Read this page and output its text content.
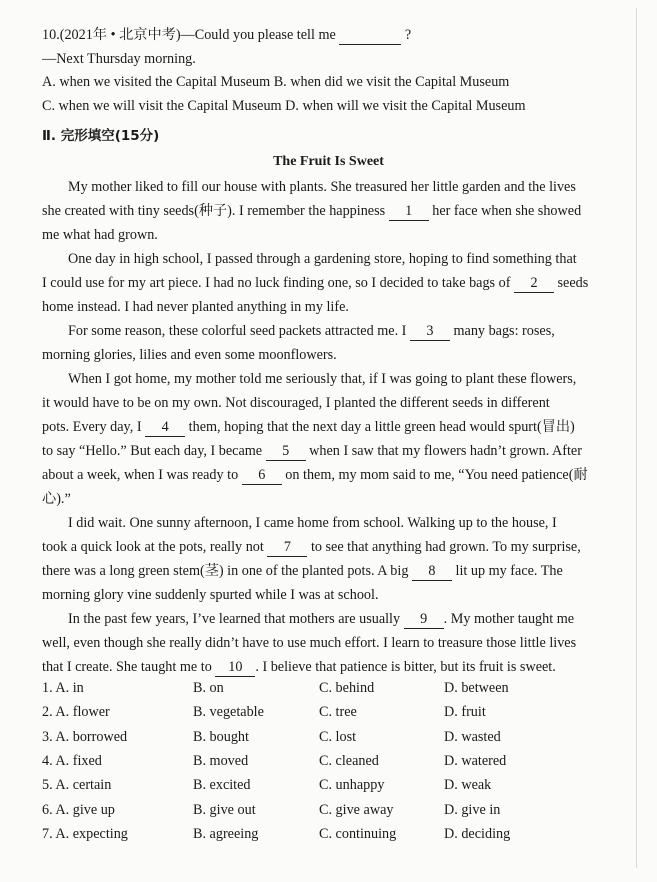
10.(2021年 • 北京中考)—Could you please tell me	?
—Next Thursday morning.
A. when we visited the Capital Museum B. when did we visit the Capital Museum
C. when we will visit the Capital Museum D. when will we visit the Capital Museum
Ⅱ. 完形填空(15分)
The Fruit Is Sweet
My mother liked to fill our house with plants. She treasured her little garden and the lives
she created with tiny seeds(种子). I remember the happiness 1 her face when she showed
me what had grown.
One day in high school, I passed through a gardening store, hoping to find something that
I could use for my art piece. I had no luck finding one, so I decided to take bags of 2 seeds
home instead. I had never planted anything in my life.
For some reason, these colorful seed packets attracted me. I 3 many bags: roses,
morning glories, lilies and even some moonflowers.
When I got home, my mother told me seriously that, if I was going to plant these flowers,
it would have to be on my own. Not discouraged, I planted the different seeds in different
pots. Every day, I 4 them, hoping that the next day a little green head would spurt(冒出)
to say “Hello.” But each day, I became 5 when I saw that my flowers hadn’t grown. After
about a week, when I was ready to 6 on them, my mom said to me, “You need patience(耐
心).”
I did wait. One sunny afternoon, I came home from school. Walking up to the house, I
took a quick look at the pots, really not 7 to see that anything had grown. To my surprise,
there was a long green stem(茎) in one of the planted pots. A big 8 lit up my face. The
morning glory vine suddenly spurted while I was at school.
In the past few years, I’ve learned that mothers are usually 9 . My mother taught me
well, even though she really didn’t have to use much effort. I learn to treasure those little lives
that I create. She taught me to 10 . I believe that patience is bitter, but its fruit is sweet.
1. A. in	B. on	C. behind	D. between
2. A. flower	B. vegetable	C. tree	D. fruit
3. A. borrowed	B. bought	C. lost	D. wasted
4. A. fixed	B. moved	C. cleaned	D. watered
5. A. certain	B. excited	C. unhappy	D. weak
6. A. give up	B. give out	C. give away	D. give in
7. A. expecting	B. agreeing	C. continuing	D. deciding
